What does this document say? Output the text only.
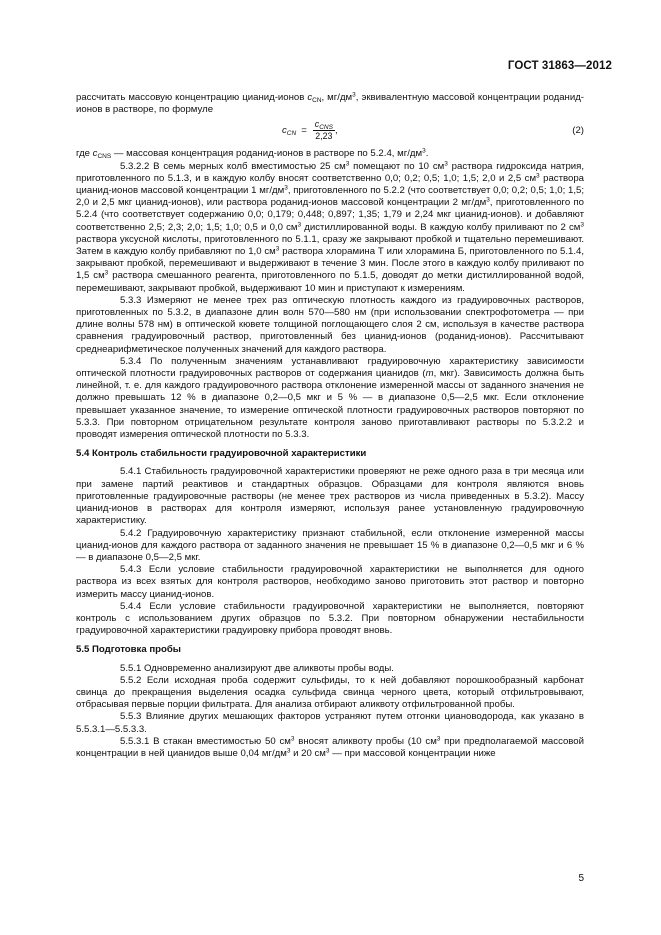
ГОСТ 31863—2012

рассчитать массовую концентрацию цианид-ионов $c_{CN}$, $мг/дм^3$, эквивалентную массовой концентрации роданид-ионов в растворе, по формуле

$c_{CN} = \frac{c_{CNS}}{2,23}$ ,	(2)

где $c_{CNS}$ — массовая концентрация роданид-ионов в растворе по 5.2.4, $мг/дм^3$.

5.3.2.2 В семь мерных колб вместимостью 25 $см^3$ помещают по 10 $см^3$ раствора гидроксида натрия, приготовленного по 5.1.3, и в каждую колбу вносят соответственно 0,0; 0,2; 0,5; 1,0; 1,5; 2,0 и 2,5 $см^3$ раствора цианид-ионов массовой концентрации 1 $мг/дм^3$, приготовленного по 5.2.2 (что соответствует 0,0; 0,2; 0,5; 1,0; 1,5; 2,0 и 2,5 мкг цианид-ионов), или раствора роданид-ионов массовой концентрации 2 $мг/дм^3$, приготовленного по 5.2.4 (что соответствует содержанию 0,0; 0,179; 0,448; 0,897; 1,35; 1,79 и 2,24 мкг цианид-ионов). и добавляют соответственно 2,5; 2,3; 2,0; 1,5; 1,0; 0,5 и 0,0 $см^3$ дистиллированной воды. В каждую колбу приливают по 2 $см^3$ раствора уксусной кислоты, приготовленного по 5.1.1, сразу же закрывают пробкой и тщательно перемешивают. Затем в каждую колбу прибавляют по 1,0 $см^3$ раствора хлорамина Т или хлорамина Б, приготовленного по 5.1.4, закрывают пробкой, перемешивают и выдерживают в течение 3 мин. После этого в каждую колбу приливают по 1,5 $см^3$ раствора смешанного реагента, приготовленного по 5.1.5, доводят до метки дистиллированной водой, перемешивают, закрывают пробкой, выдерживают 10 мин и приступают к измерениям.

5.3.3 Измеряют не менее трех раз оптическую плотность каждого из градуировочных растворов, приготовленных по 5.3.2, в диапазоне длин волн 570—580 нм (при использовании спектрофотометра — при длине волны 578 нм) в оптической кювете толщиной поглощающего слоя 2 см, используя в качестве раствора сравнения градуировочный раствор, приготовленный без цианид-ионов (роданид-ионов). Рассчитывают среднеарифметическое полученных значений для каждого раствора.

5.3.4 По полученным значениям устанавливают градуировочную характеристику зависимости оптической плотности градуировочных растворов от содержания цианидов (m, мкг). Зависимость должна быть линейной, т. е. для каждого градуировочного раствора отклонение измеренной массы от заданного значения не должно превышать 12 % в диапазоне 0,2—0,5 мкг и 5 % — в диапазоне 0,5—2,5 мкг. Если отклонение превышает указанное значение, то измерение оптической плотности градуировочных растворов повторяют по 5.3.3. При повторном отрицательном результате контроля заново приготавливают растворы по 5.3.2.2 и проводят измерения оптической плотности по 5.3.3.

5.4 Контроль стабильности градуировочной характеристики

5.4.1 Стабильность градуировочной характеристики проверяют не реже одного раза в три месяца или при замене партий реактивов и стандартных образцов. Образцами для контроля являются вновь приготовленные градуировочные растворы (не менее трех растворов из числа приведенных в 5.3.2). Массу цианид-ионов в растворах для контроля измеряют, используя ранее установленную градуировочную характеристику.

5.4.2 Градуировочную характеристику признают стабильной, если отклонение измеренной массы цианид-ионов для каждого раствора от заданного значения не превышает 15 % в диапазоне 0,2—0,5 мкг и 6 % — в диапазоне 0,5—2,5 мкг.

5.4.3 Если условие стабильности градуировочной характеристики не выполняется для одного раствора из всех взятых для контроля растворов, необходимо заново приготовить этот раствор и повторно измерить массу цианид-ионов.

5.4.4 Если условие стабильности градуировочной характеристики не выполняется, повторяют контроль с использованием других образцов по 5.3.2. При повторном обнаружении нестабильности градуировочной характеристики градуировку прибора проводят вновь.

5.5 Подготовка пробы

5.5.1 Одновременно анализируют две аликвоты пробы воды.

5.5.2 Если исходная проба содержит сульфиды, то к ней добавляют порошкообразный карбонат свинца до прекращения выделения осадка сульфида свинца черного цвета, который отфильтровывают, отбрасывая первые порции фильтрата. Для анализа отбирают аликвоту отфильтрованной пробы.

5.5.3 Влияние других мешающих факторов устраняют путем отгонки циановодорода, как указано в 5.5.3.1—5.5.3.3.

5.5.3.1 В стакан вместимостью 50 $см^3$ вносят аликвоту пробы (10 $см^3$ при предполагаемой массовой концентрации в ней цианидов выше 0,04 $мг/дм^3$ и 20 $см^3$ — при массовой концентрации ниже

5
